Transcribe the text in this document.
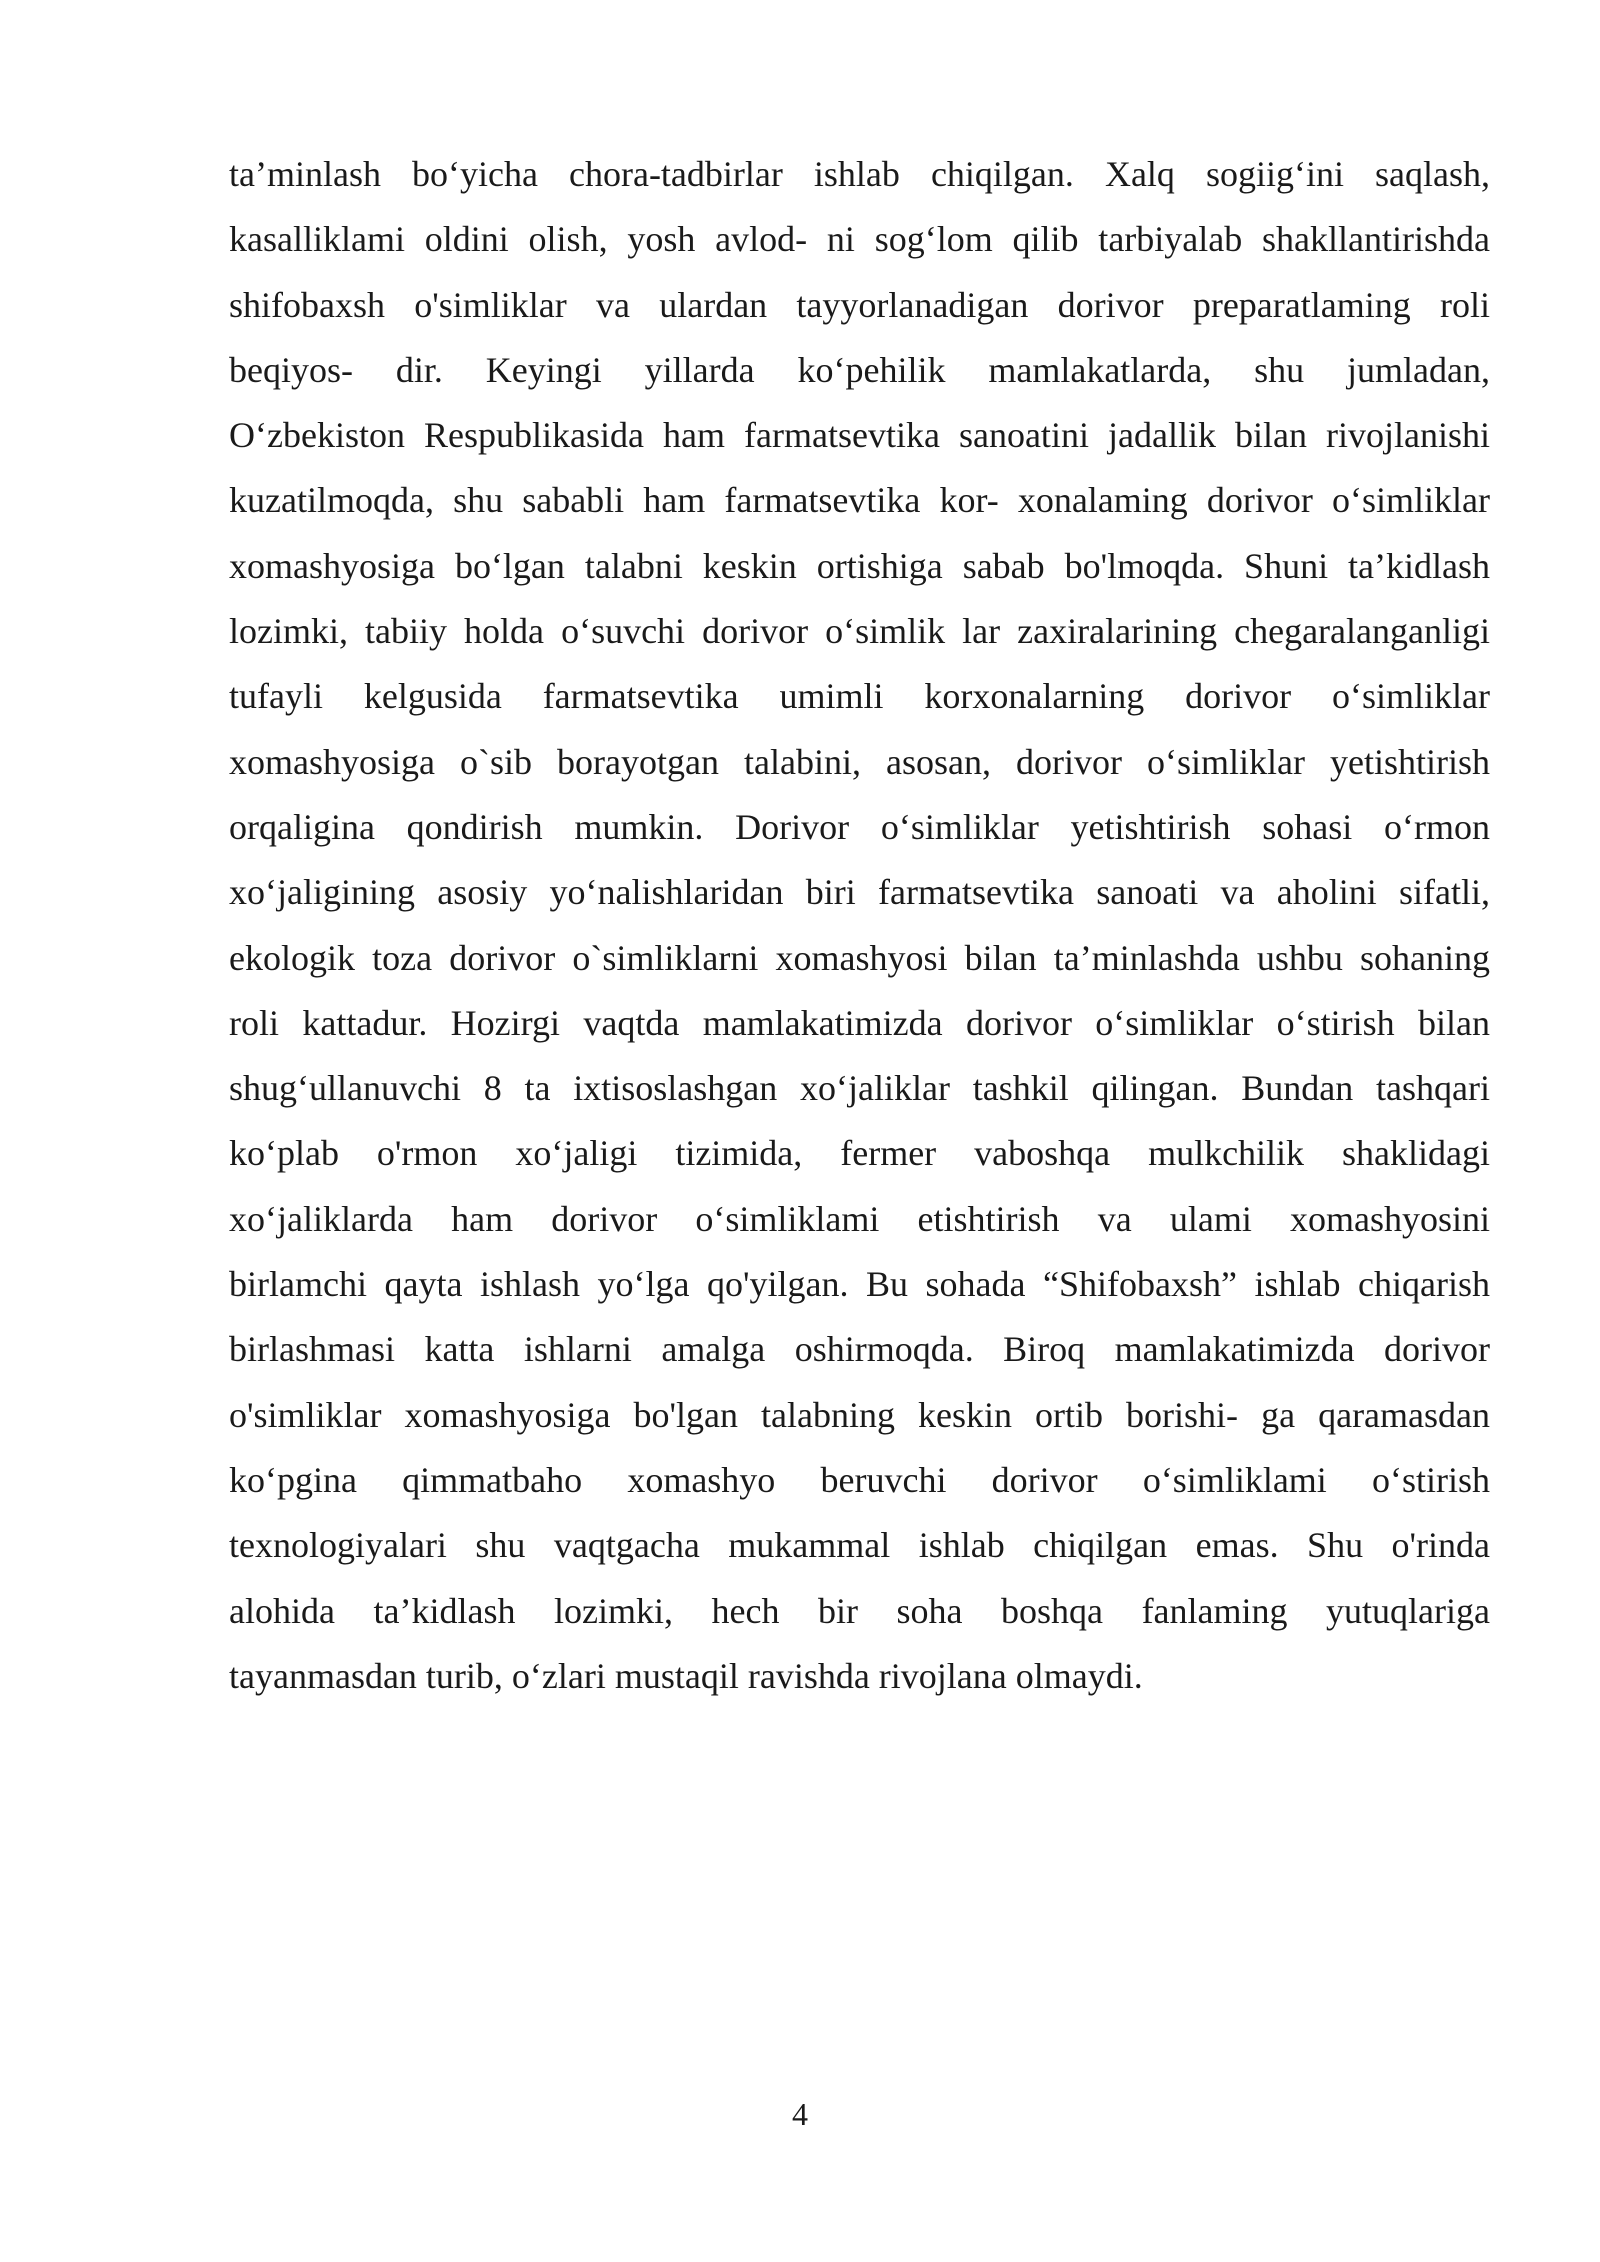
ta’minlash bo‘yicha chora-tadbirlar ishlab chiqilgan. Xalq sogiig‘ini saqlash,
kasalliklami oldini olish, yosh avlod- ni sog‘lom qilib tarbiyalab shakllantirishda
shifobaxsh o'simliklar va ulardan tayyorlanadigan dorivor preparatlaming roli
beqiyos- dir. Keyingi yillarda ko‘pehilik mamlakatlarda, shu jumladan,
O‘zbekiston Respublikasida ham farmatsevtika sanoatini jadallik bilan rivojlanishi
kuzatilmoqda, shu sababli ham farmatsevtika kor- xonalaming dorivor o‘simliklar
xomashyosiga bo‘lgan talabni keskin ortishiga sabab bo'lmoqda. Shuni ta’kidlash
lozimki, tabiiy holda o‘suvchi dorivor o‘simlik lar zaxiralarining chegaralanganligi
tufayli kelgusida farmatsevtika umimli korxonalarning dorivor o‘simliklar
xomashyosiga o`sib borayotgan talabini, asosan, dorivor o‘simliklar yetishtirish
orqaligina qondirish mumkin. Dorivor o‘simliklar yetishtirish sohasi o‘rmon
xo‘jaligining asosiy yo‘nalishlaridan biri farmatsevtika sanoati va aholini sifatli,
ekologik toza dorivor o`simliklarni xomashyosi bilan ta’minlashda ushbu sohaning
roli kattadur. Hozirgi vaqtda mamlakatimizda dorivor o‘simliklar o‘stirish bilan
shug‘ullanuvchi 8 ta ixtisoslashgan xo‘jaliklar tashkil qilingan. Bundan tashqari
ko‘plab o'rmon xo‘jaligi tizimida, fermer vaboshqa mulkchilik shaklidagi
xo‘jaliklarda ham dorivor o‘simliklami etishtirish va ulami xomashyosini
birlamchi qayta ishlash yo‘lga qo'yilgan. Bu sohada “Shifobaxsh” ishlab chiqarish
birlashmasi katta ishlarni amalga oshirmoqda. Biroq mamlakatimizda dorivor
o'simliklar xomashyosiga bo'lgan talabning keskin ortib borishi- ga qaramasdan
ko‘pgina qimmatbaho xomashyo beruvchi dorivor o‘simliklami o‘stirish
texnologiyalari shu vaqtgacha mukammal ishlab chiqilgan emas. Shu o'rinda
alohida ta’kidlash lozimki, hech bir soha boshqa fanlaming yutuqlariga
tayanmasdan turib, o‘zlari mustaqil ravishda rivojlana olmaydi.
4
